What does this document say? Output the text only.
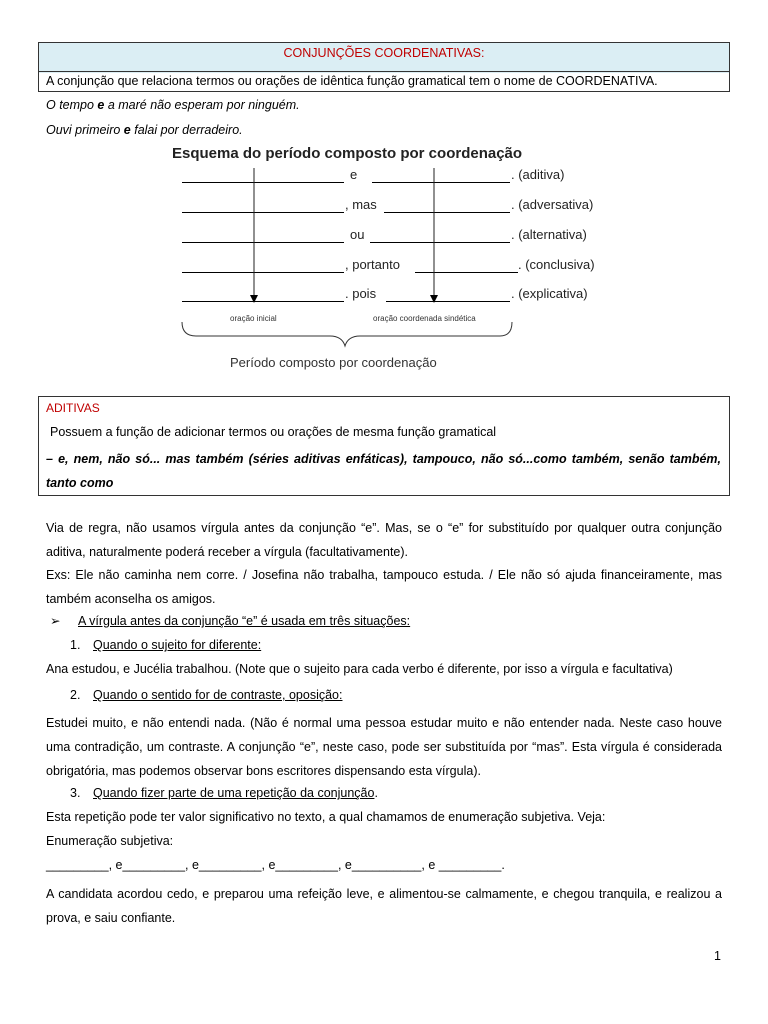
CONJUNÇÕES COORDENATIVAS:
A conjunção que relaciona termos ou orações de idêntica função gramatical tem o nome de COORDENATIVA.
O tempo e a maré não esperam por ninguém.
Ouvi primeiro e falai por derradeiro.
Esquema do período composto por coordenação
e	. (aditiva)
, mas	. (adversativa)
ou	. (alternativa)
, portanto	. (conclusiva)
. pois	. (explicativa)
oração inicial	oração coordenada sindética
Período composto por coordenação
ADITIVAS
Possuem a função de adicionar termos ou orações de mesma função gramatical
– e, nem, não só... mas também (séries aditivas enfáticas), tampouco, não só...como também, senão também, tanto como
Via de regra, não usamos vírgula antes da conjunção “e”. Mas, se o “e” for substituído por qualquer outra conjunção aditiva, naturalmente poderá receber a vírgula (facultativamente).
Exs: Ele não caminha nem corre. / Josefina não trabalha, tampouco estuda. / Ele não só ajuda financeiramente, mas também aconselha os amigos.
➢ A vírgula antes da conjunção “e” é usada em três situações:
1. Quando o sujeito for diferente:
Ana estudou, e Jucélia trabalhou. (Note que o sujeito para cada verbo é diferente, por isso a vírgula e facultativa)
2. Quando o sentido for de contraste, oposição:
Estudei muito, e não entendi nada. (Não é normal uma pessoa estudar muito e não entender nada. Neste caso houve uma contradição, um contraste. A conjunção “e”, neste caso, pode ser substituída por “mas”. Esta vírgula é considerada obrigatória, mas podemos observar bons escritores dispensando esta vírgula).
3. Quando fizer parte de uma repetição da conjunção.
Esta repetição pode ter valor significativo no texto, a qual chamamos de enumeração subjetiva. Veja:
Enumeração subjetiva:
_________, e_________, e_________, e_________, e__________, e _________.
A candidata acordou cedo, e preparou uma refeição leve, e alimentou-se calmamente, e chegou tranquila, e realizou a prova, e saiu confiante.
1
